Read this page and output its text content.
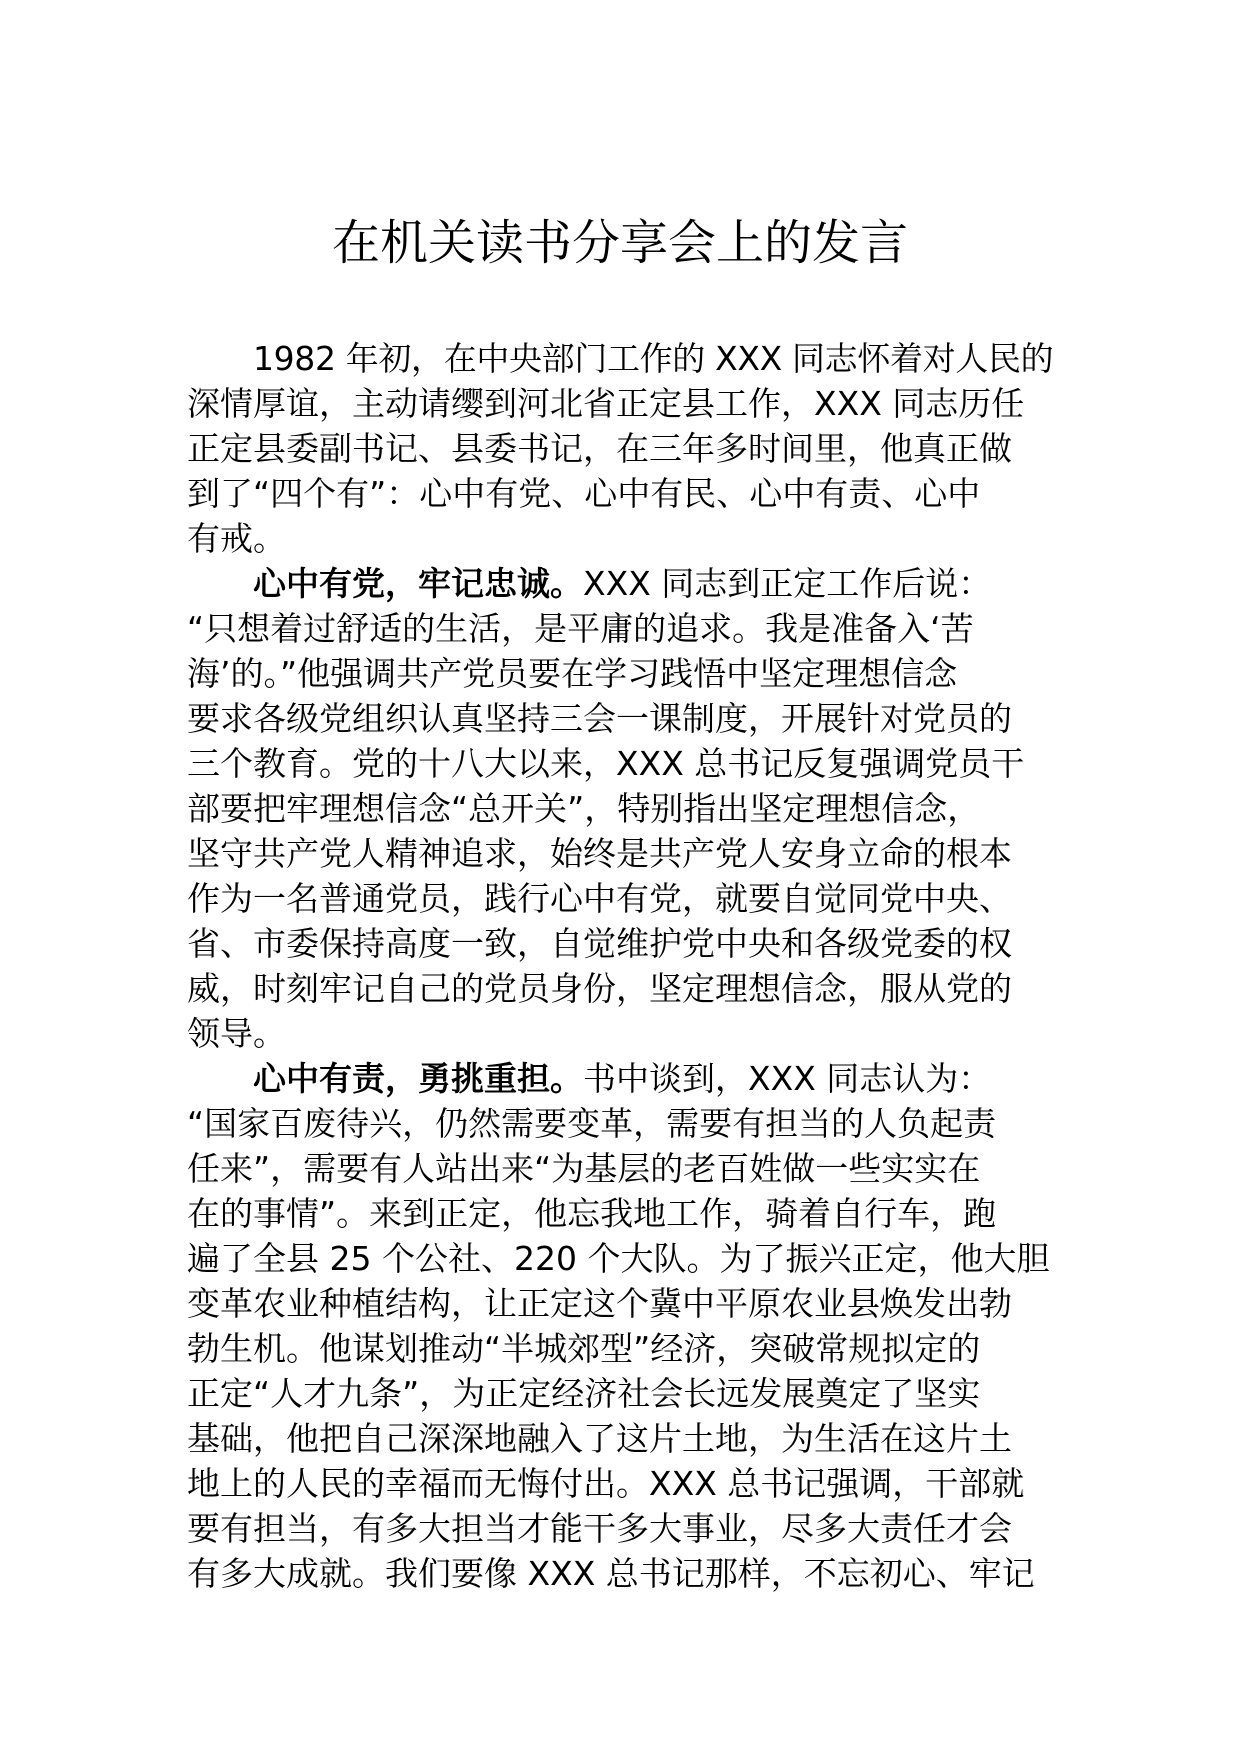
在机关读书分享会上的发言
1982 年初，在中央部门工作的 XXX 同志怀着对人民的
深情厚谊，主动请缨到河北省正定县工作，XXX 同志历任
正定县委副书记、县委书记，在三年多时间里，他真正做
到了“四个有”：心中有党、心中有民、心中有责、心中
有戒。
心中有党，牢记忠诚。XXX 同志到正定工作后说：
“只想着过舒适的生活，是平庸的追求。我是准备入‘苦
海’的。”他强调共产党员要在学习践悟中坚定理想信念
要求各级党组织认真坚持三会一课制度，开展针对党员的
三个教育。党的十八大以来，XXX 总书记反复强调党员干
部要把牢理想信念“总开关”，特别指出坚定理想信念，
坚守共产党人精神追求，始终是共产党人安身立命的根本
作为一名普通党员，践行心中有党，就要自觉同党中央、
省、市委保持高度一致，自觉维护党中央和各级党委的权
威，时刻牢记自己的党员身份，坚定理想信念，服从党的
领导。
心中有责，勇挑重担。书中谈到，XXX 同志认为：
“国家百废待兴，仍然需要变革，需要有担当的人负起责
任来”，需要有人站出来“为基层的老百姓做一些实实在
在的事情”。来到正定，他忘我地工作，骑着自行车，跑
遍了全县 25 个公社、220 个大队。为了振兴正定，他大胆
变革农业种植结构，让正定这个冀中平原农业县焕发出勃
勃生机。他谋划推动“半城郊型”经济，突破常规拟定的
正定“人才九条”，为正定经济社会长远发展奠定了坚实
基础，他把自己深深地融入了这片土地，为生活在这片土
地上的人民的幸福而无悔付出。XXX 总书记强调，干部就
要有担当，有多大担当才能干多大事业，尽多大责任才会
有多大成就。我们要像 XXX 总书记那样，不忘初心、牢记
